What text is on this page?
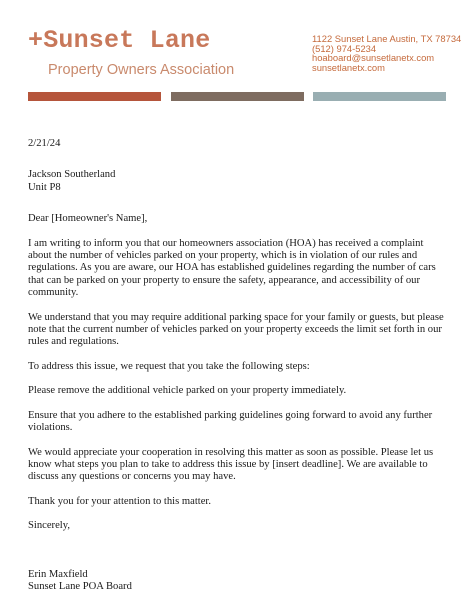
+Sunset Lane
Property Owners Association
1122 Sunset Lane Austin, TX 78734
(512) 974-5234
hoaboard@sunsetlanetx.com
sunsetlanetx.com

2/21/24

Jackson Southerland

Unit P8

Dear [Homeowner's Name],

I am writing to inform you that our homeowners association (HOA) has received a complaint about the number of vehicles parked on your property, which is in violation of our rules and regulations. As you are aware, our HOA has established guidelines regarding the number of cars that can be parked on your property to ensure the safety, appearance, and accessibility of our community.

We understand that you may require additional parking space for your family or guests, but please note that the current number of vehicles parked on your property exceeds the limit set forth in our rules and regulations.

To address this issue, we request that you take the following steps:

Please remove the additional vehicle parked on your property immediately.

Ensure that you adhere to the established parking guidelines going forward to avoid any further violations.

We would appreciate your cooperation in resolving this matter as soon as possible. Please let us know what steps you plan to take to address this issue by [insert deadline]. We are available to discuss any questions or concerns you may have.

Thank you for your attention to this matter.

Sincerely,

Erin Maxfield

Sunset Lane POA Board
